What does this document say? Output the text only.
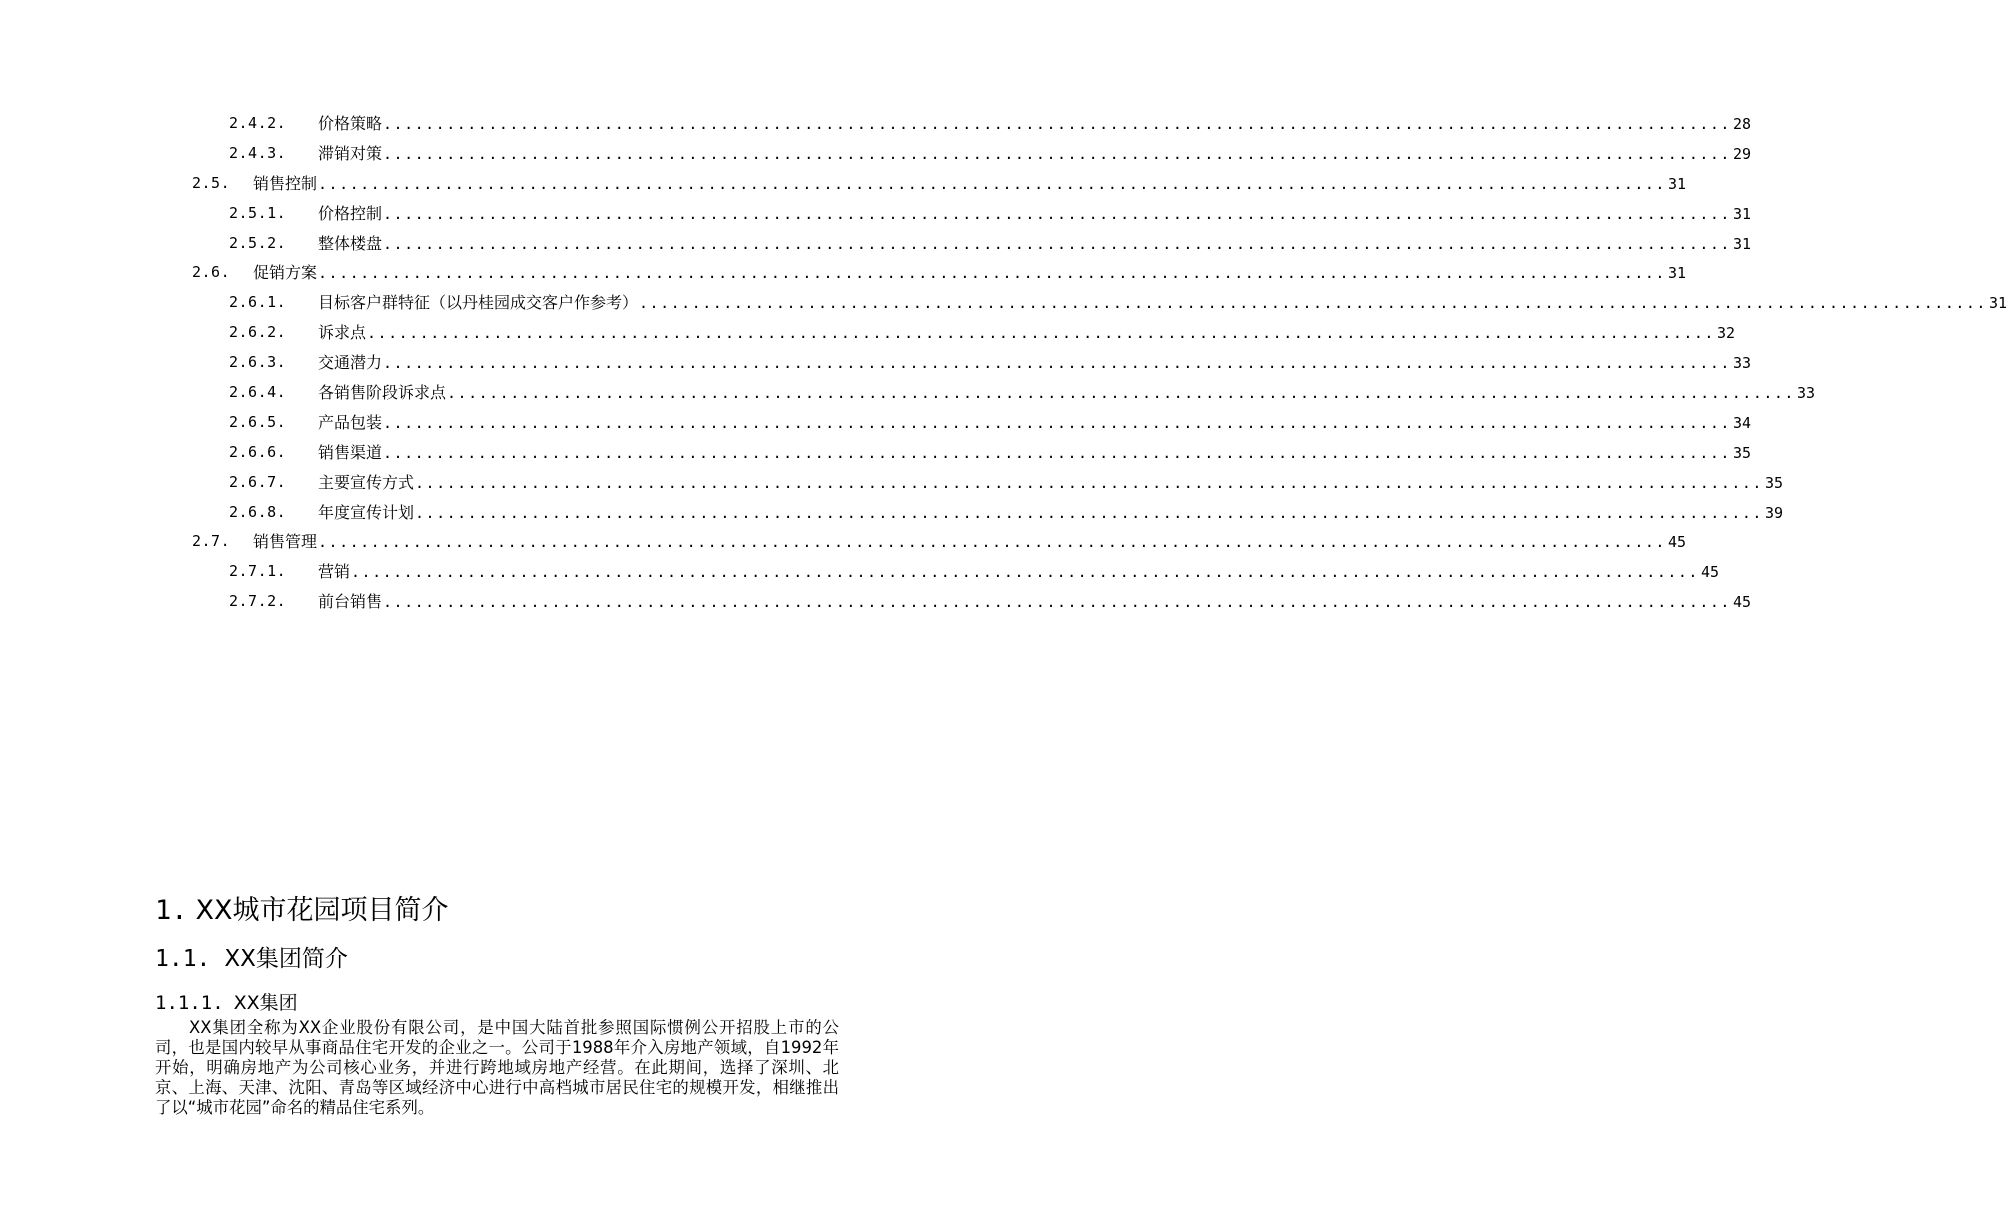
2.4.2. 价格策略 ................................................................................................................................ 28
2.4.3. 滞销对策 ................................................................................................................................ 29
2.5. 销售控制 ................................................................................................................................ 31
2.5.1. 价格控制 ................................................................................................................................ 31
2.5.2. 整体楼盘 ................................................................................................................................ 31
2.6. 促销方案 ................................................................................................................................ 31
2.6.1. 目标客户群特征（以丹桂园成交客户作参考） ................................................................................................................................ 31
2.6.2. 诉求点 ................................................................................................................................ 32
2.6.3. 交通潜力 ................................................................................................................................ 33
2.6.4. 各销售阶段诉求点 ................................................................................................................................ 33
2.6.5. 产品包装 ................................................................................................................................ 34
2.6.6. 销售渠道 ................................................................................................................................ 35
2.6.7. 主要宣传方式 ................................................................................................................................ 35
2.6.8. 年度宣传计划 ................................................................................................................................ 39
2.7. 销售管理 ................................................................................................................................ 45
2.7.1. 营销 ................................................................................................................................ 45
2.7.2. 前台销售 ................................................................................................................................ 45
1. XX城市花园项目简介
1.1. XX集团简介
1.1.1. XX集团

XX集团全称为XX企业股份有限公司，是中国大陆首批参照国际惯例公开招股上市的公司，也是国内较早从事商品住宅开发的企业之一。公司于1988年介入房地产领域，自1992年开始，明确房地产为公司核心业务，并进行跨地域房地产经营。在此期间，选择了深圳、北京、上海、天津、沈阳、青岛等区域经济中心进行中高档城市居民住宅的规模开发，相继推出了以“城市花园”命名的精品住宅系列。
